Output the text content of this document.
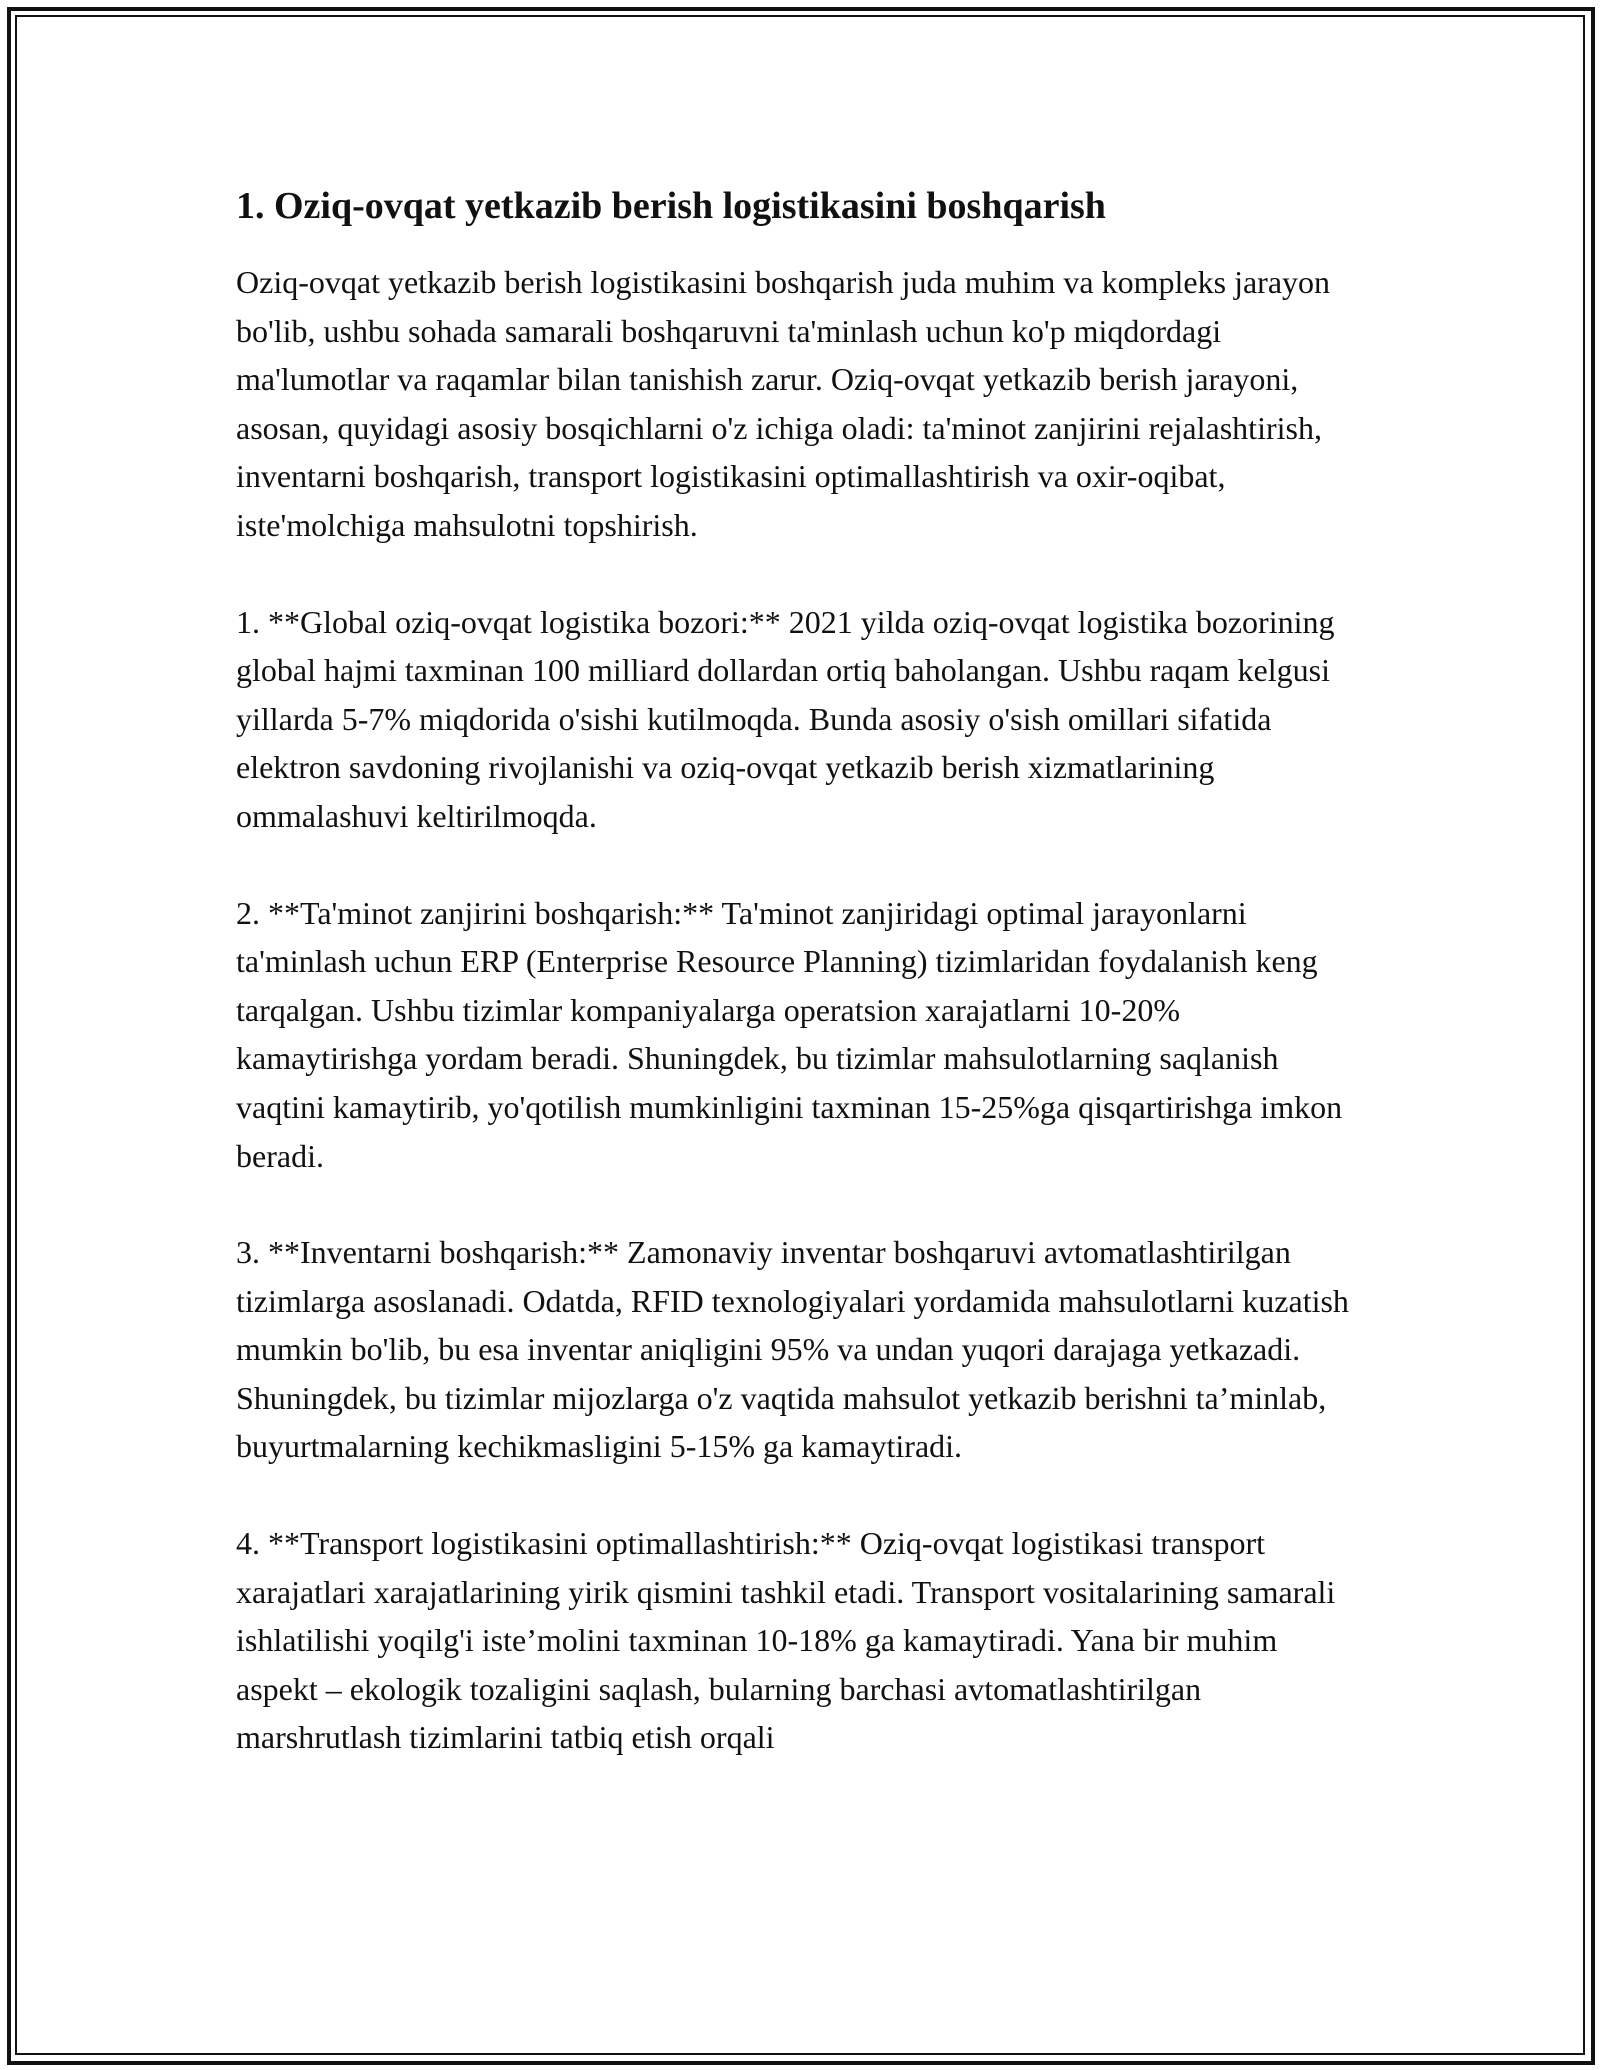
1. Oziq-ovqat yetkazib berish logistikasini boshqarish

Oziq-ovqat yetkazib berish logistikasini boshqarish juda muhim va kompleks jarayon bo'lib, ushbu sohada samarali boshqaruvni ta'minlash uchun ko'p miqdordagi ma'lumotlar va raqamlar bilan tanishish zarur. Oziq-ovqat yetkazib berish jarayoni, asosan, quyidagi asosiy bosqichlarni o'z ichiga oladi: ta'minot zanjirini rejalashtirish, inventarni boshqarish, transport logistikasini optimallashtirish va oxir-oqibat, iste'molchiga mahsulotni topshirish.

1. **Global oziq-ovqat logistika bozori:** 2021 yilda oziq-ovqat logistika bozorining global hajmi taxminan 100 milliard dollardan ortiq baholangan. Ushbu raqam kelgusi yillarda 5-7% miqdorida o'sishi kutilmoqda. Bunda asosiy o'sish omillari sifatida elektron savdoning rivojlanishi va oziq-ovqat yetkazib berish xizmatlarining ommalashuvi keltirilmoqda.

2. **Ta'minot zanjirini boshqarish:** Ta'minot zanjiridagi optimal jarayonlarni ta'minlash uchun ERP (Enterprise Resource Planning) tizimlaridan foydalanish keng tarqalgan. Ushbu tizimlar kompaniyalarga operatsion xarajatlarni 10-20% kamaytirishga yordam beradi. Shuningdek, bu tizimlar mahsulotlarning saqlanish vaqtini kamaytirib, yo'qotilish mumkinligini taxminan 15-25%ga qisqartirishga imkon beradi.

3. **Inventarni boshqarish:** Zamonaviy inventar boshqaruvi avtomatlashtirilgan tizimlarga asoslanadi. Odatda, RFID texnologiyalari yordamida mahsulotlarni kuzatish mumkin bo'lib, bu esa inventar aniqligini 95% va undan yuqori darajaga yetkazadi. Shuningdek, bu tizimlar mijozlarga o'z vaqtida mahsulot yetkazib berishni ta’minlab, buyurtmalarning kechikmasligini 5-15% ga kamaytiradi.

4. **Transport logistikasini optimallashtirish:** Oziq-ovqat logistikasi transport xarajatlari xarajatlarining yirik qismini tashkil etadi. Transport vositalarining samarali ishlatilishi yoqilg'i iste’molini taxminan 10-18% ga kamaytiradi. Yana bir muhim aspekt – ekologik tozaligini saqlash, bularning barchasi avtomatlashtirilgan marshrutlash tizimlarini tatbiq etish orqali
